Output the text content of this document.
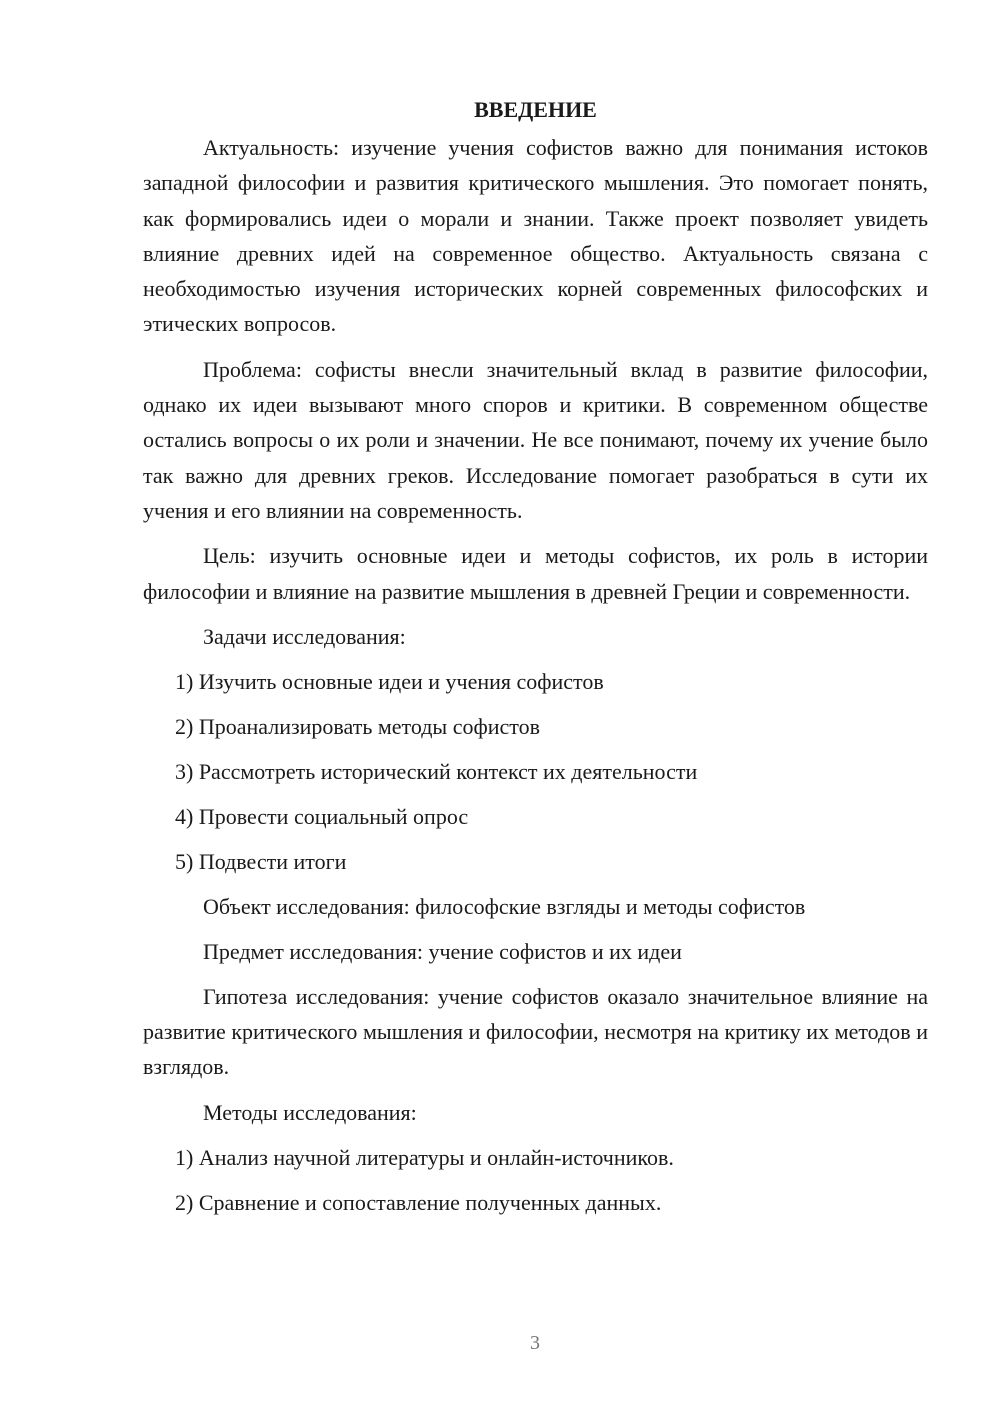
ВВЕДЕНИЕ

Актуальность: изучение учения софистов важно для понимания истоков западной философии и развития критического мышления. Это помогает понять, как формировались идеи о морали и знании. Также проект позволяет увидеть влияние древних идей на современное общество. Актуальность связана с необходимостью изучения исторических корней современных философских и этических вопросов.

Проблема: софисты внесли значительный вклад в развитие философии, однако их идеи вызывают много споров и критики. В современном обществе остались вопросы о их роли и значении. Не все понимают, почему их учение было так важно для древних греков. Исследование помогает разобраться в сути их учения и его влиянии на современность.

Цель: изучить основные идеи и методы софистов, их роль в истории философии и влияние на развитие мышления в древней Греции и современности.

Задачи исследования:
1) Изучить основные идеи и учения софистов
2) Проанализировать методы софистов
3) Рассмотреть исторический контекст их деятельности
4) Провести социальный опрос
5) Подвести итоги
Объект исследования: философские взгляды и методы софистов
Предмет исследования: учение софистов и их идеи

Гипотеза исследования: учение софистов оказало значительное влияние на развитие критического мышления и философии, несмотря на критику их методов и взглядов.

Методы исследования:
1) Анализ научной литературы и онлайн-источников.
2) Сравнение и сопоставление полученных данных.
3
